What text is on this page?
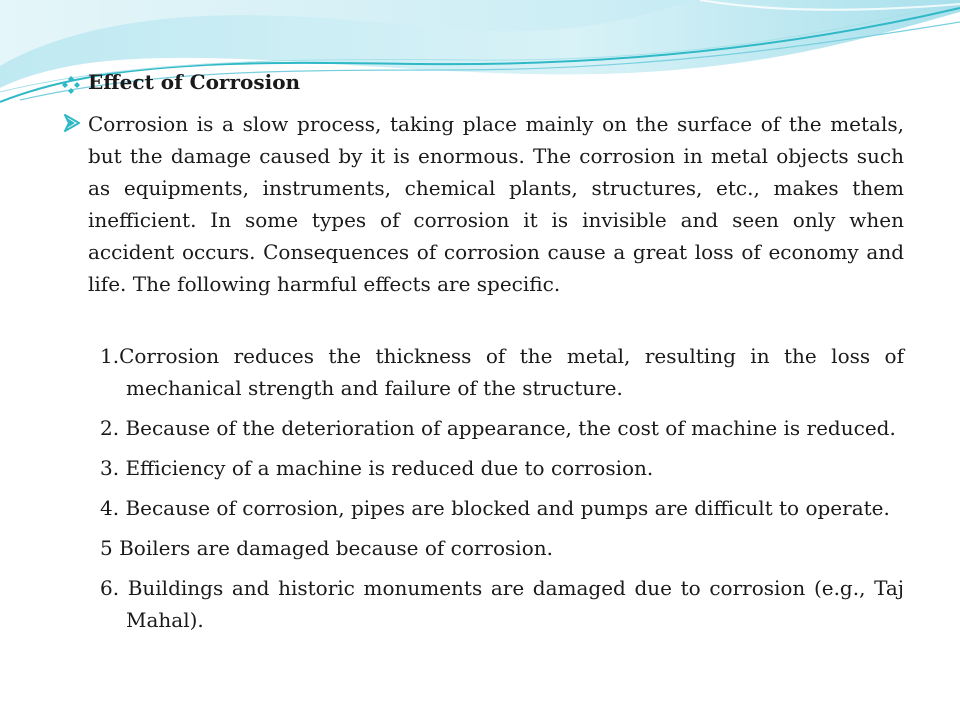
Effect of Corrosion
Corrosion is a slow process, taking place mainly on the surface of the metals, but the damage caused by it is enormous. The corrosion in metal objects such as equipments, instruments, chemical plants, structures, etc., makes them inefficient. In some types of corrosion it is invisible and seen only when accident occurs. Consequences of corrosion cause a great loss of economy and life. The following harmful effects are specific.

1.Corrosion reduces the thickness of the metal, resulting in the loss of mechanical strength and failure of the structure.

2. Because of the deterioration of appearance, the cost of machine is reduced.

3. Efficiency of a machine is reduced due to corrosion.

4. Because of corrosion, pipes are blocked and pumps are difficult to operate.

5 Boilers are damaged because of corrosion.

6. Buildings and historic monuments are damaged due to corrosion (e.g., Taj Mahal).
